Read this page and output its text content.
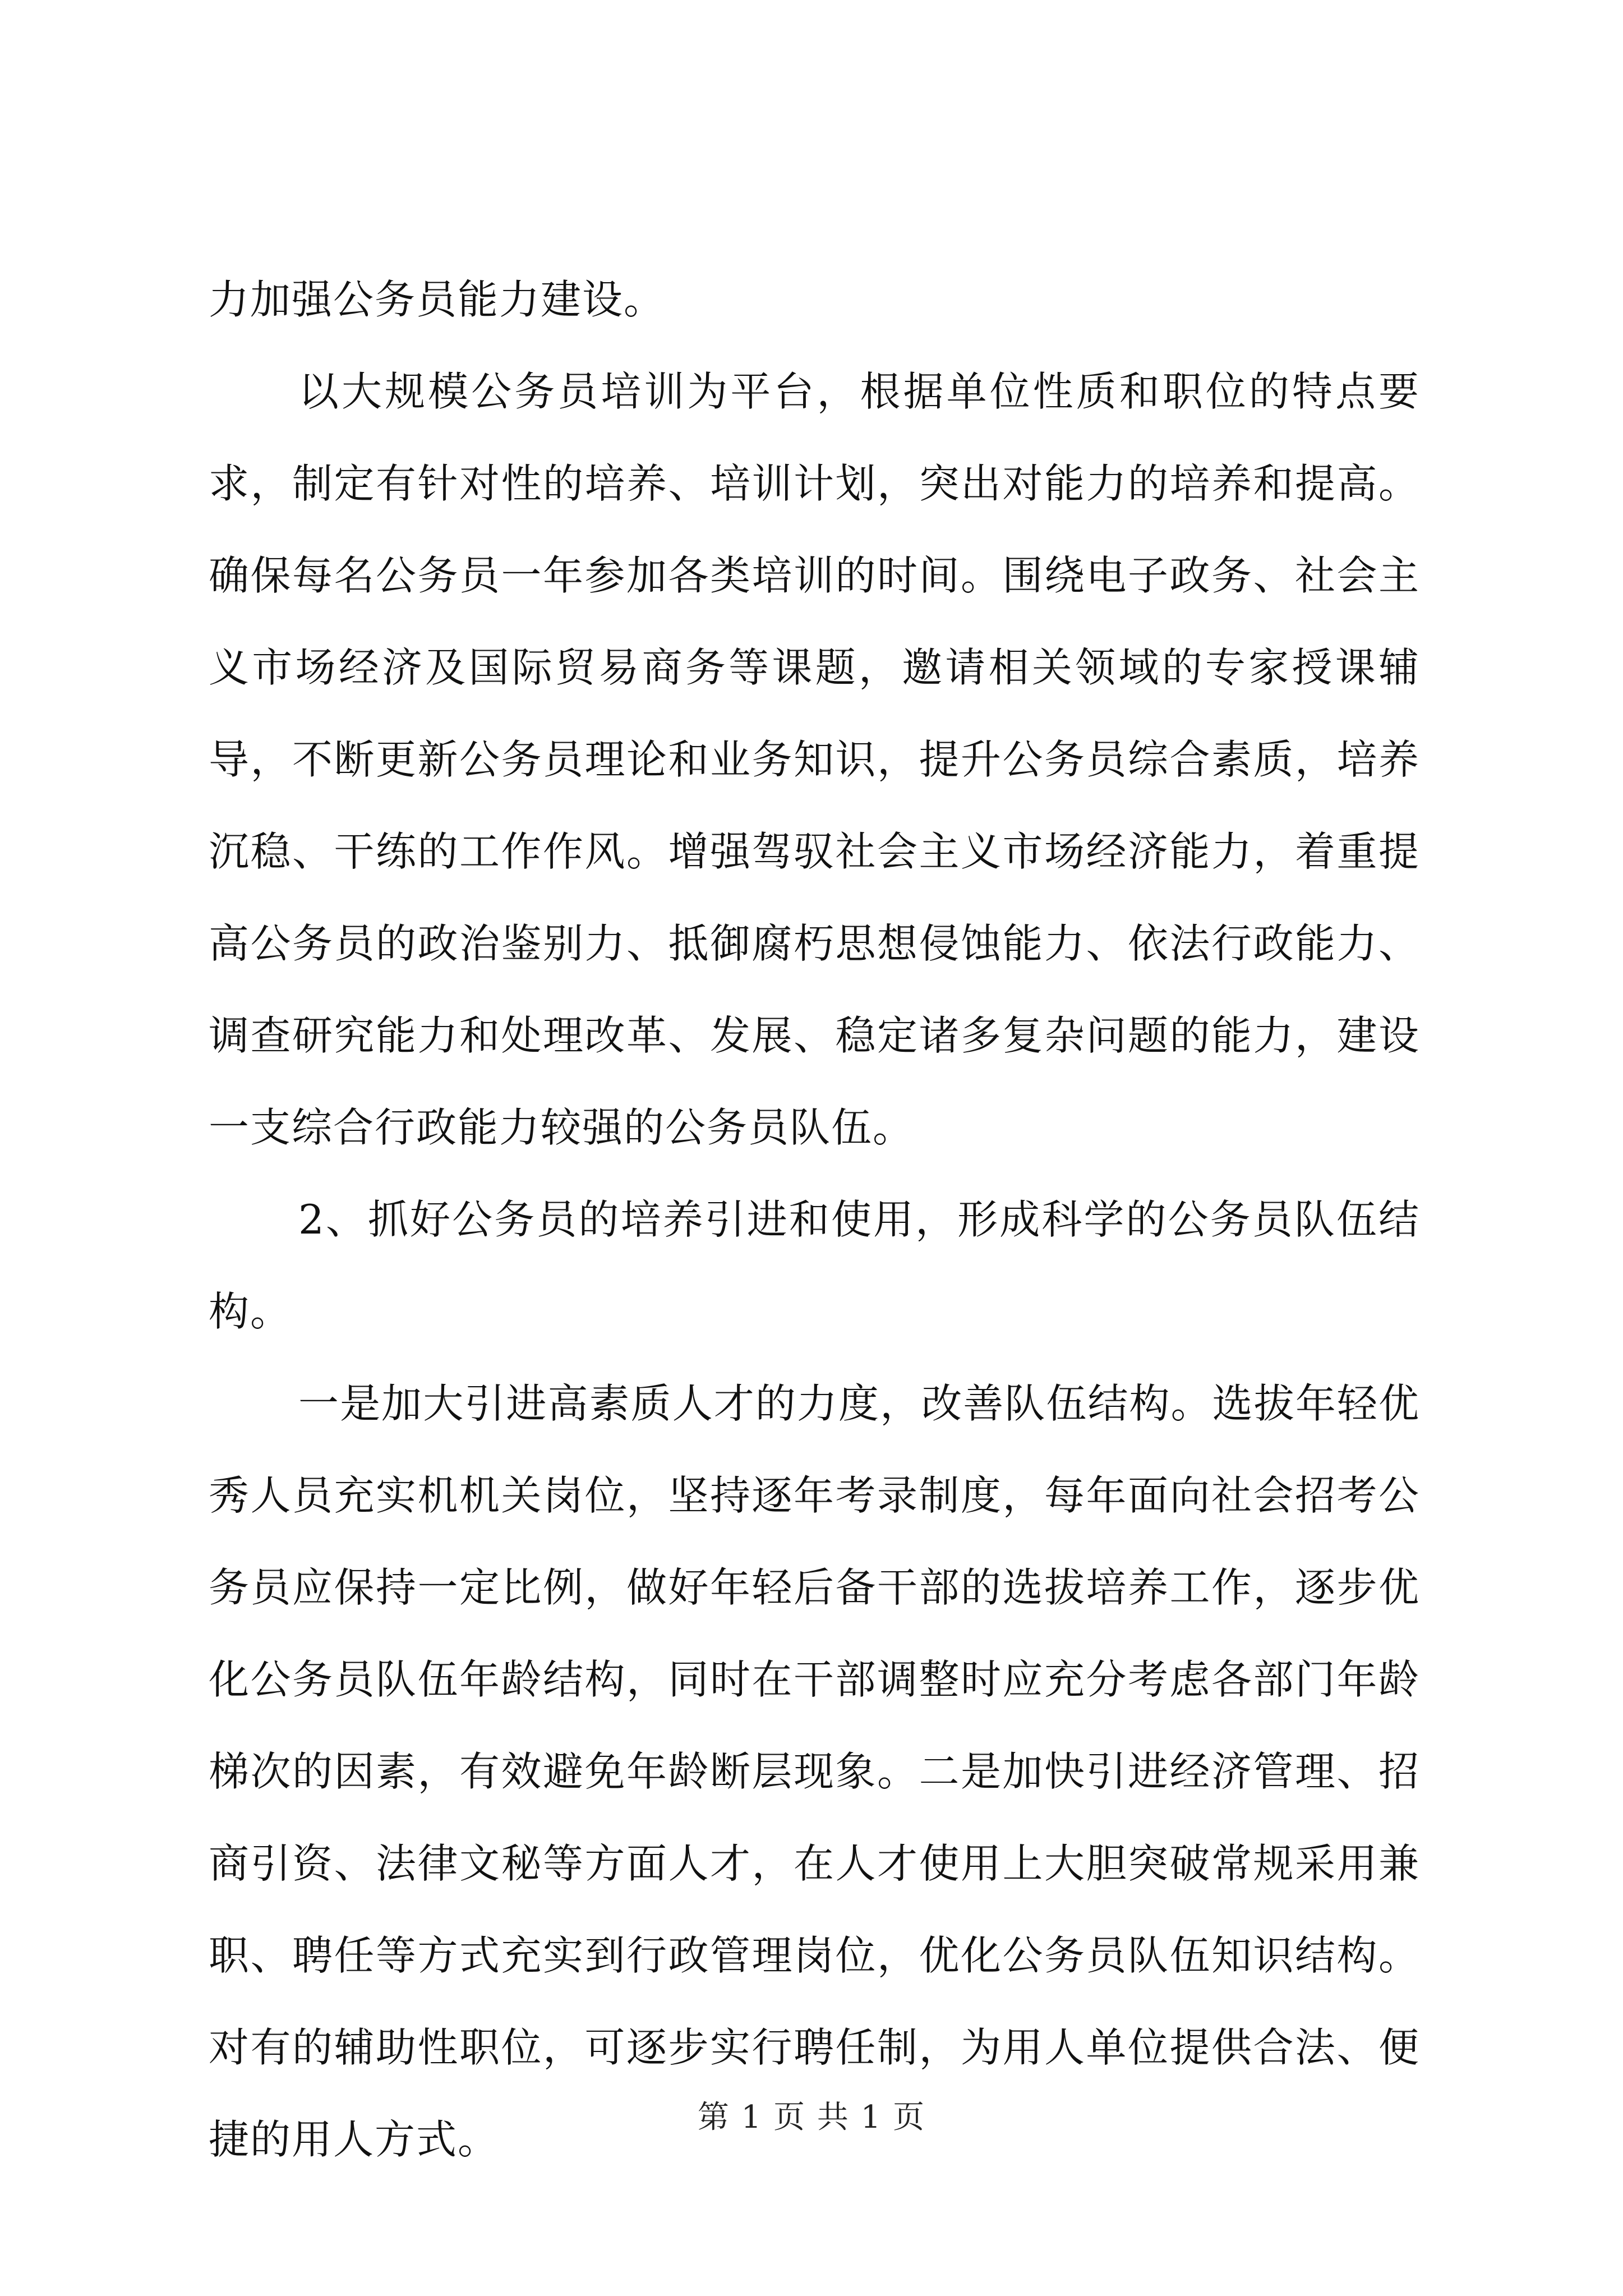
力加强公务员能力建设。

以大规模公务员培训为平台，根据单位性质和职位的特点要求，制定有针对性的培养、培训计划，突出对能力的培养和提高。确保每名公务员一年参加各类培训的时间。围绕电子政务、社会主义市场经济及国际贸易商务等课题，邀请相关领域的专家授课辅导，不断更新公务员理论和业务知识，提升公务员综合素质，培养沉稳、干练的工作作风。增强驾驭社会主义市场经济能力，着重提高公务员的政治鉴别力、抵御腐朽思想侵蚀能力、依法行政能力、调查研究能力和处理改革、发展、稳定诸多复杂问题的能力，建设一支综合行政能力较强的公务员队伍。

2、抓好公务员的培养引进和使用，形成科学的公务员队伍结构。

一是加大引进高素质人才的力度，改善队伍结构。选拔年轻优秀人员充实机机关岗位，坚持逐年考录制度，每年面向社会招考公务员应保持一定比例，做好年轻后备干部的选拔培养工作，逐步优化公务员队伍年龄结构，同时在干部调整时应充分考虑各部门年龄梯次的因素，有效避免年龄断层现象。二是加快引进经济管理、招商引资、法律文秘等方面人才，在人才使用上大胆突破常规采用兼职、聘任等方式充实到行政管理岗位，优化公务员队伍知识结构。对有的辅助性职位，可逐步实行聘任制，为用人单位提供合法、便捷的用人方式。	第 1 页 共 1 页
